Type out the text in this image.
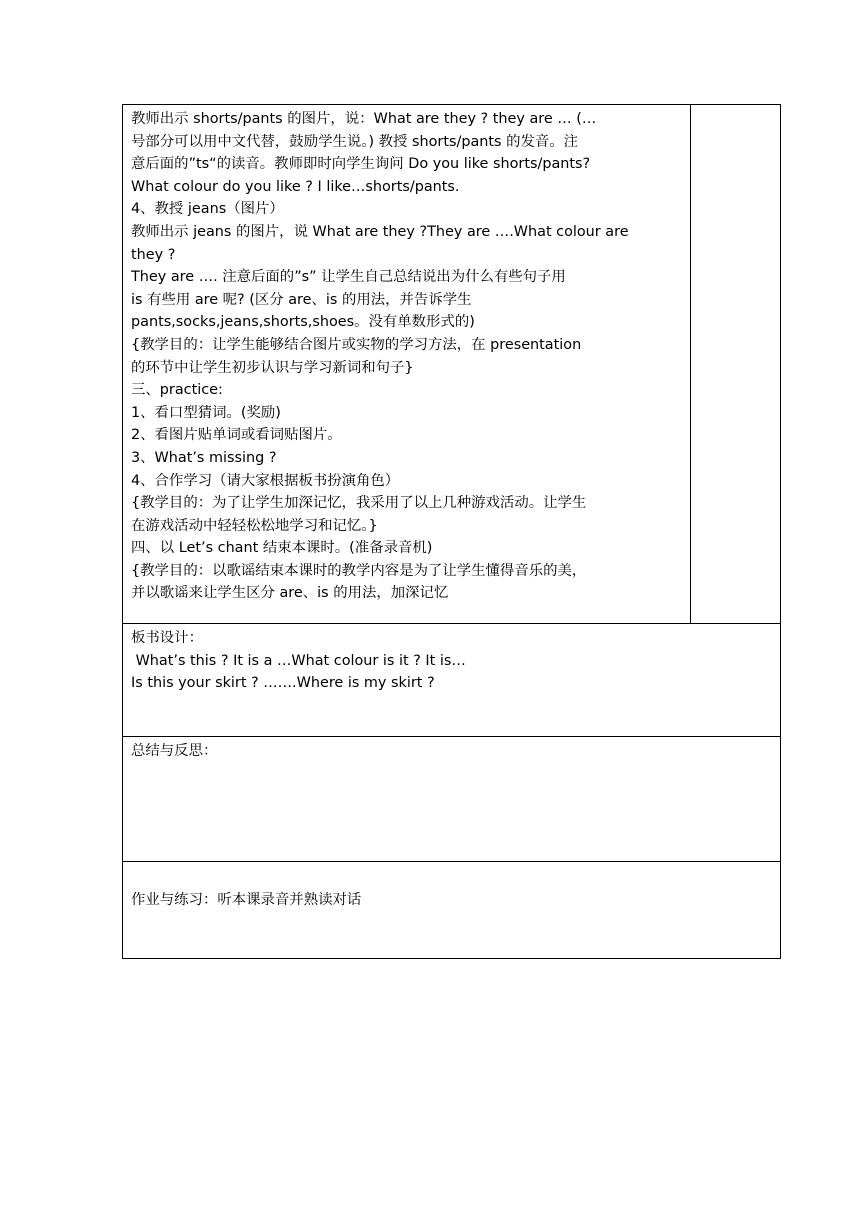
教师出示 shorts/pants 的图片，说：What are they ? they are … (…
号部分可以用中文代替，鼓励学生说。) 教授 shorts/pants 的发音。注
意后面的”ts“的读音。教师即时向学生询问 Do you like shorts/pants?
What colour do you like ? I like…shorts/pants.
4、教授 jeans（图片）
教师出示 jeans 的图片，说 What are they ?They are ….What colour are
they ?
They are …. 注意后面的”s” 让学生自己总结说出为什么有些句子用
is 有些用 are 呢? (区分 are、is 的用法，并告诉学生
pants,socks,jeans,shorts,shoes。没有单数形式的)
{教学目的：让学生能够结合图片或实物的学习方法，在 presentation
的环节中让学生初步认识与学习新词和句子}
三、practice:
1、看口型猜词。(奖励)
2、看图片贴单词或看词贴图片。
3、What’s missing ?
4、合作学习（请大家根据板书扮演角色）
{教学目的：为了让学生加深记忆，我采用了以上几种游戏活动。让学生
在游戏活动中轻轻松松地学习和记忆。}
四、以 Let’s chant 结束本课时。(准备录音机)
{教学目的：以歌谣结束本课时的教学内容是为了让学生懂得音乐的美，
并以歌谣来让学生区分 are、is 的用法，加深记忆

板书设计：
What’s this ? It is a …What colour is it ? It is…
Is this your skirt ? …….Where is my skirt ?

总结与反思：

作业与练习：听本课录音并熟读对话
